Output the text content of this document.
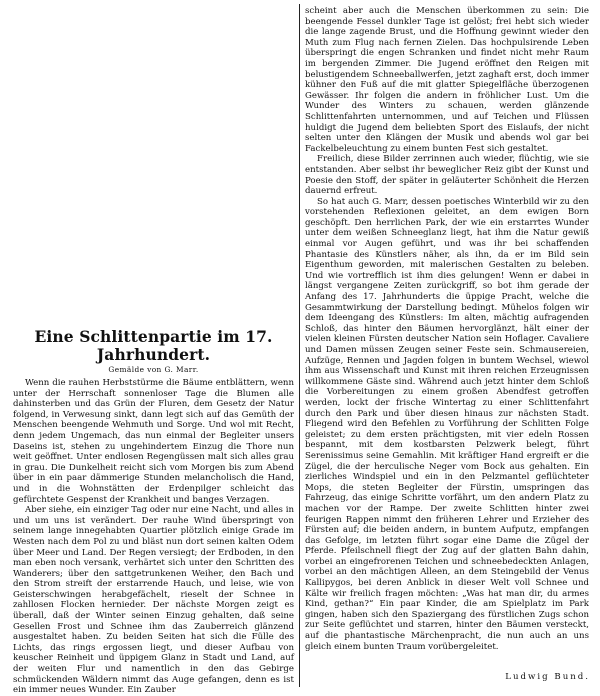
Eine Schlittenpartie im 17. Jahrhundert.
Gemälde von G. Marr.

Wenn die rauhen Herbststürme die Bäume entblättern, wenn unter der Herrschaft sonnenloser Tage die Blumen alle dahinsterben und das Grün der Fluren, dem Gesetz der Natur folgend, in Verwesung sinkt, dann legt sich auf das Gemüth der Menschen beengende Wehmuth und Sorge. Und wol mit Recht, denn jedem Ungemach, das nun einmal der Begleiter unsers Daseins ist, stehen zu ungehindertem Einzug die Thore nun weit geöffnet. Unter endlosen Regengüssen malt sich alles grau in grau. Die Dunkelheit reicht sich vom Morgen bis zum Abend über in ein paar dämmerige Stunden melancholisch die Hand, und in die Wohnstätten der Erdenpilger schleicht das gefürchtete Gespenst der Krankheit und banges Verzagen.

Aber siehe, ein einziger Tag oder nur eine Nacht, und alles in und um uns ist verändert. Der rauhe Wind überspringt von seinem lange innegehabten Quartier plötzlich einige Grade im Westen nach dem Pol zu und bläst nun dort seinen kalten Odem über Meer und Land. Der Regen versiegt; der Erdboden, in den man eben noch versank, verhärtet sich unter den Schritten des Wanderers; über den sattgetrunkenen Weiher, den Bach und den Strom streift der erstarrende Hauch, und leise, wie von Geisterschwingen herabgefächelt, rieselt der Schnee in zahllosen Flocken hernieder. Der nächste Morgen zeigt es überall, daß der Winter seinen Einzug gehalten, daß seine Gesellen Frost und Schnee ihm das Zauberreich glänzend ausgestaltet haben. Zu beiden Seiten hat sich die Fülle des Lichts, das rings ergossen liegt, und dieser Aufbau von keuscher Reinheit und üppigem Glanz in Stadt und Land, auf der weiten Flur und namentlich in den das Gebirge schmückenden Wäldern nimmt das Auge gefangen, denn es ist ein immer neues Wunder. Ein Zauber

scheint aber auch die Menschen überkommen zu sein: Die beengende Fessel dunkler Tage ist gelöst; frei hebt sich wieder die lange zagende Brust, und die Hoffnung gewinnt wieder den Muth zum Flug nach fernen Zielen. Das hochpulsirende Leben überspringt die engen Schranken und findet nicht mehr Raum im bergenden Zimmer. Die Jugend eröffnet den Reigen mit belustigendem Schneeballwerfen, jetzt zaghaft erst, doch immer kühner den Fuß auf die mit glatter Spiegelfläche überzogenen Gewässer. Ihr folgen die andern in fröhlicher Lust. Um die Wunder des Winters zu schauen, werden glänzende Schlittenfahrten unternommen, und auf Teichen und Flüssen huldigt die Jugend dem beliebten Sport des Eislaufs, der nicht selten unter den Klängen der Musik und abends wol gar bei Fackelbeleuchtung zu einem bunten Fest sich gestaltet.

Freilich, diese Bilder zerrinnen auch wieder, flüchtig, wie sie entstanden. Aber selbst ihr beweglicher Reiz gibt der Kunst und Poesie den Stoff, der später in geläuterter Schönheit die Herzen dauernd erfreut.

So hat auch G. Marr, dessen poetisches Winterbild wir zu den vorstehenden Reflexionen geleitet, an dem ewigen Born geschöpft. Den herrlichen Park, der wie ein erstarrtes Wunder unter dem weißen Schneeglanz liegt, hat ihm die Natur gewiß einmal vor Augen geführt, und was ihr bei schaffenden Phantasie des Künstlers näher, als ihn, da er im Bild sein Eigenthum geworden, mit malerischen Gestalten zu beleben. Und wie vortrefflich ist ihm dies gelungen! Wenn er dabei in längst vergangene Zeiten zurückgriff, so bot ihm gerade der Anfang des 17. Jahrhunderts die üppige Pracht, welche die Gesammtwirkung der Darstellung bedingt. Mühelos folgen wir dem Ideengang des Künstlers: Im alten, mächtig aufragenden Schloß, das hinter den Bäumen hervorglänzt, hält einer der vielen kleinen Fürsten deutscher Nation sein Hoflager. Cavaliere und Damen müssen Zeugen seiner Feste sein. Schmausereien, Aufzüge, Rennen und Jagden folgen in buntem Wechsel, wiewol ihm aus Wissenschaft und Kunst mit ihren reichen Erzeugnissen willkommene Gäste sind. Während auch jetzt hinter dem Schloß die Vorbereitungen zu einem großen Abendfest getroffen werden, lockt der frische Wintertag zu einer Schlittenfahrt durch den Park und über diesen hinaus zur nächsten Stadt. Fliegend wird den Befehlen zu Vorführung der Schlitten Folge geleistet; zu dem ersten prächtigsten, mit vier edeln Rossen bespannt, mit dem kostbarsten Pelzwerk belegt, führt Serenissimus seine Gemahlin. Mit kräftiger Hand ergreift er die Zügel, die der herculische Neger vom Bock aus gehalten. Ein zierliches Windspiel und ein in den Pelzmantel geflüchteter Mops, die steten Begleiter der Fürstin, umspringen das Fahrzeug, das einige Schritte vorfährt, um den andern Platz zu machen vor der Rampe. Der zweite Schlitten hinter zwei feurigen Rappen nimmt den früheren Lehrer und Erzieher des Fürsten auf; die beiden andern, in buntem Aufputz, empfangen das Gefolge, im letzten führt sogar eine Dame die Zügel der Pferde. Pfeilschnell fliegt der Zug auf der glatten Bahn dahin, vorbei an eingefrorenen Teichen und schneebedeckten Anlagen, vorbei an den mächtigen Alleen, an dem Steingebild der Venus Kallipygos, bei deren Anblick in dieser Welt voll Schnee und Kälte wir freilich fragen möchten: „Was hat man dir, du armes Kind, gethan?“ Ein paar Kinder, die am Spielplatz im Park gingen, haben sich den Spaziergang des fürstlichen Zugs schon zur Seite geflüchtet und starren, hinter den Bäumen versteckt, auf die phantastische Märchenpracht, die nun auch an uns gleich einem bunten Traum vorübergeleitet.

Ludwig Bund.
